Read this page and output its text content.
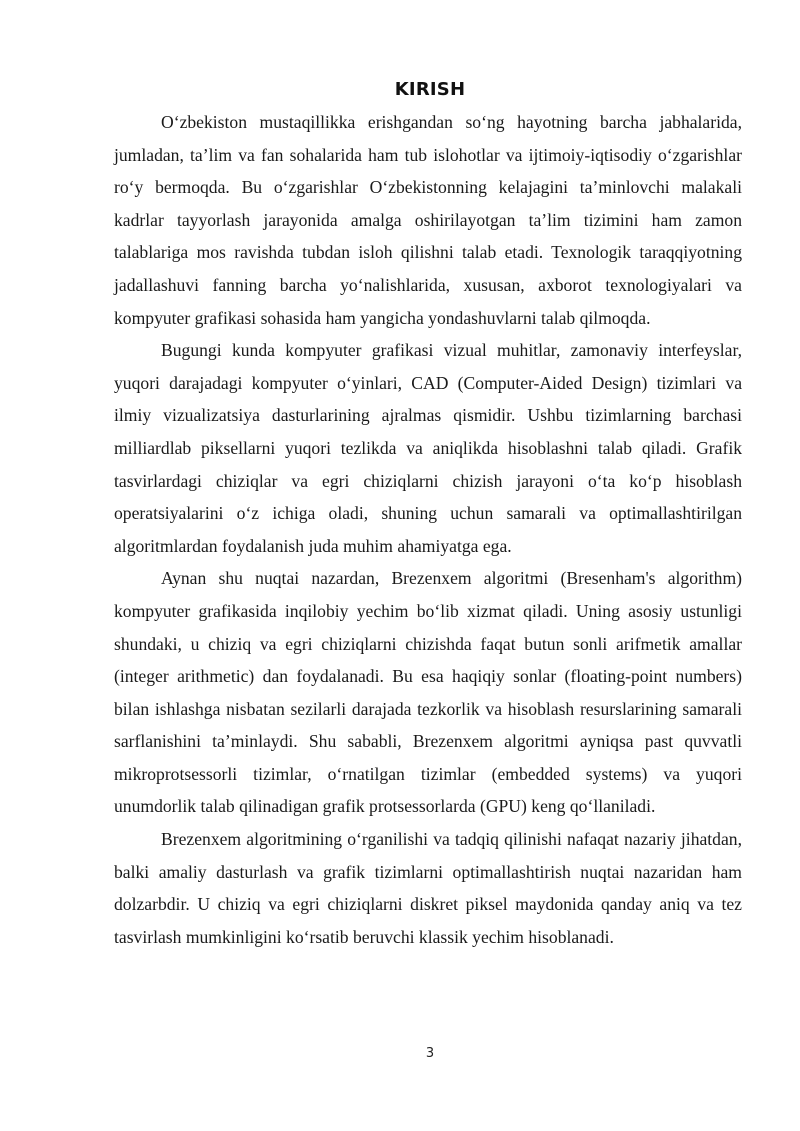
KIRISH

O‘zbekiston mustaqillikka erishgandan so‘ng hayotning barcha jabhalarida, jumladan, ta’lim va fan sohalarida ham tub islohotlar va ijtimoiy-iqtisodiy o‘zgarishlar ro‘y bermoqda. Bu o‘zgarishlar O‘zbekistonning kelajagini ta’minlovchi malakali kadrlar tayyorlash jarayonida amalga oshirilayotgan ta’lim tizimini ham zamon talablariga mos ravishda tubdan isloh qilishni talab etadi. Texnologik taraqqiyotning jadallashuvi fanning barcha yo‘nalishlarida, xususan, axborot texnologiyalari va kompyuter grafikasi sohasida ham yangicha yondashuvlarni talab qilmoqda.

Bugungi kunda kompyuter grafikasi vizual muhitlar, zamonaviy interfeyslar, yuqori darajadagi kompyuter o‘yinlari, CAD (Computer-Aided Design) tizimlari va ilmiy vizualizatsiya dasturlarining ajralmas qismidir. Ushbu tizimlarning barchasi milliardlab piksellarni yuqori tezlikda va aniqlikda hisoblashni talab qiladi. Grafik tasvirlardagi chiziqlar va egri chiziqlarni chizish jarayoni o‘ta ko‘p hisoblash operatsiyalarini o‘z ichiga oladi, shuning uchun samarali va optimallashtirilgan algoritmlardan foydalanish juda muhim ahamiyatga ega.

Aynan shu nuqtai nazardan, Brezenxem algoritmi (Bresenham's algorithm) kompyuter grafikasida inqilobiy yechim bo‘lib xizmat qiladi. Uning asosiy ustunligi shundaki, u chiziq va egri chiziqlarni chizishda faqat butun sonli arifmetik amallar (integer arithmetic) dan foydalanadi. Bu esa haqiqiy sonlar (floating-point numbers) bilan ishlashga nisbatan sezilarli darajada tezkorlik va hisoblash resurslarining samarali sarflanishini ta’minlaydi. Shu sababli, Brezenxem algoritmi ayniqsa past quvvatli mikroprotsessorli tizimlar, o‘rnatilgan tizimlar (embedded systems) va yuqori unumdorlik talab qilinadigan grafik protsessorlarda (GPU) keng qo‘llaniladi.

Brezenxem algoritmining o‘rganilishi va tadqiq qilinishi nafaqat nazariy jihatdan, balki amaliy dasturlash va grafik tizimlarni optimallashtirish nuqtai nazaridan ham dolzarbdir. U chiziq va egri chiziqlarni diskret piksel maydonida qanday aniq va tez tasvirlash mumkinligini ko‘rsatib beruvchi klassik yechim hisoblanadi.

3
